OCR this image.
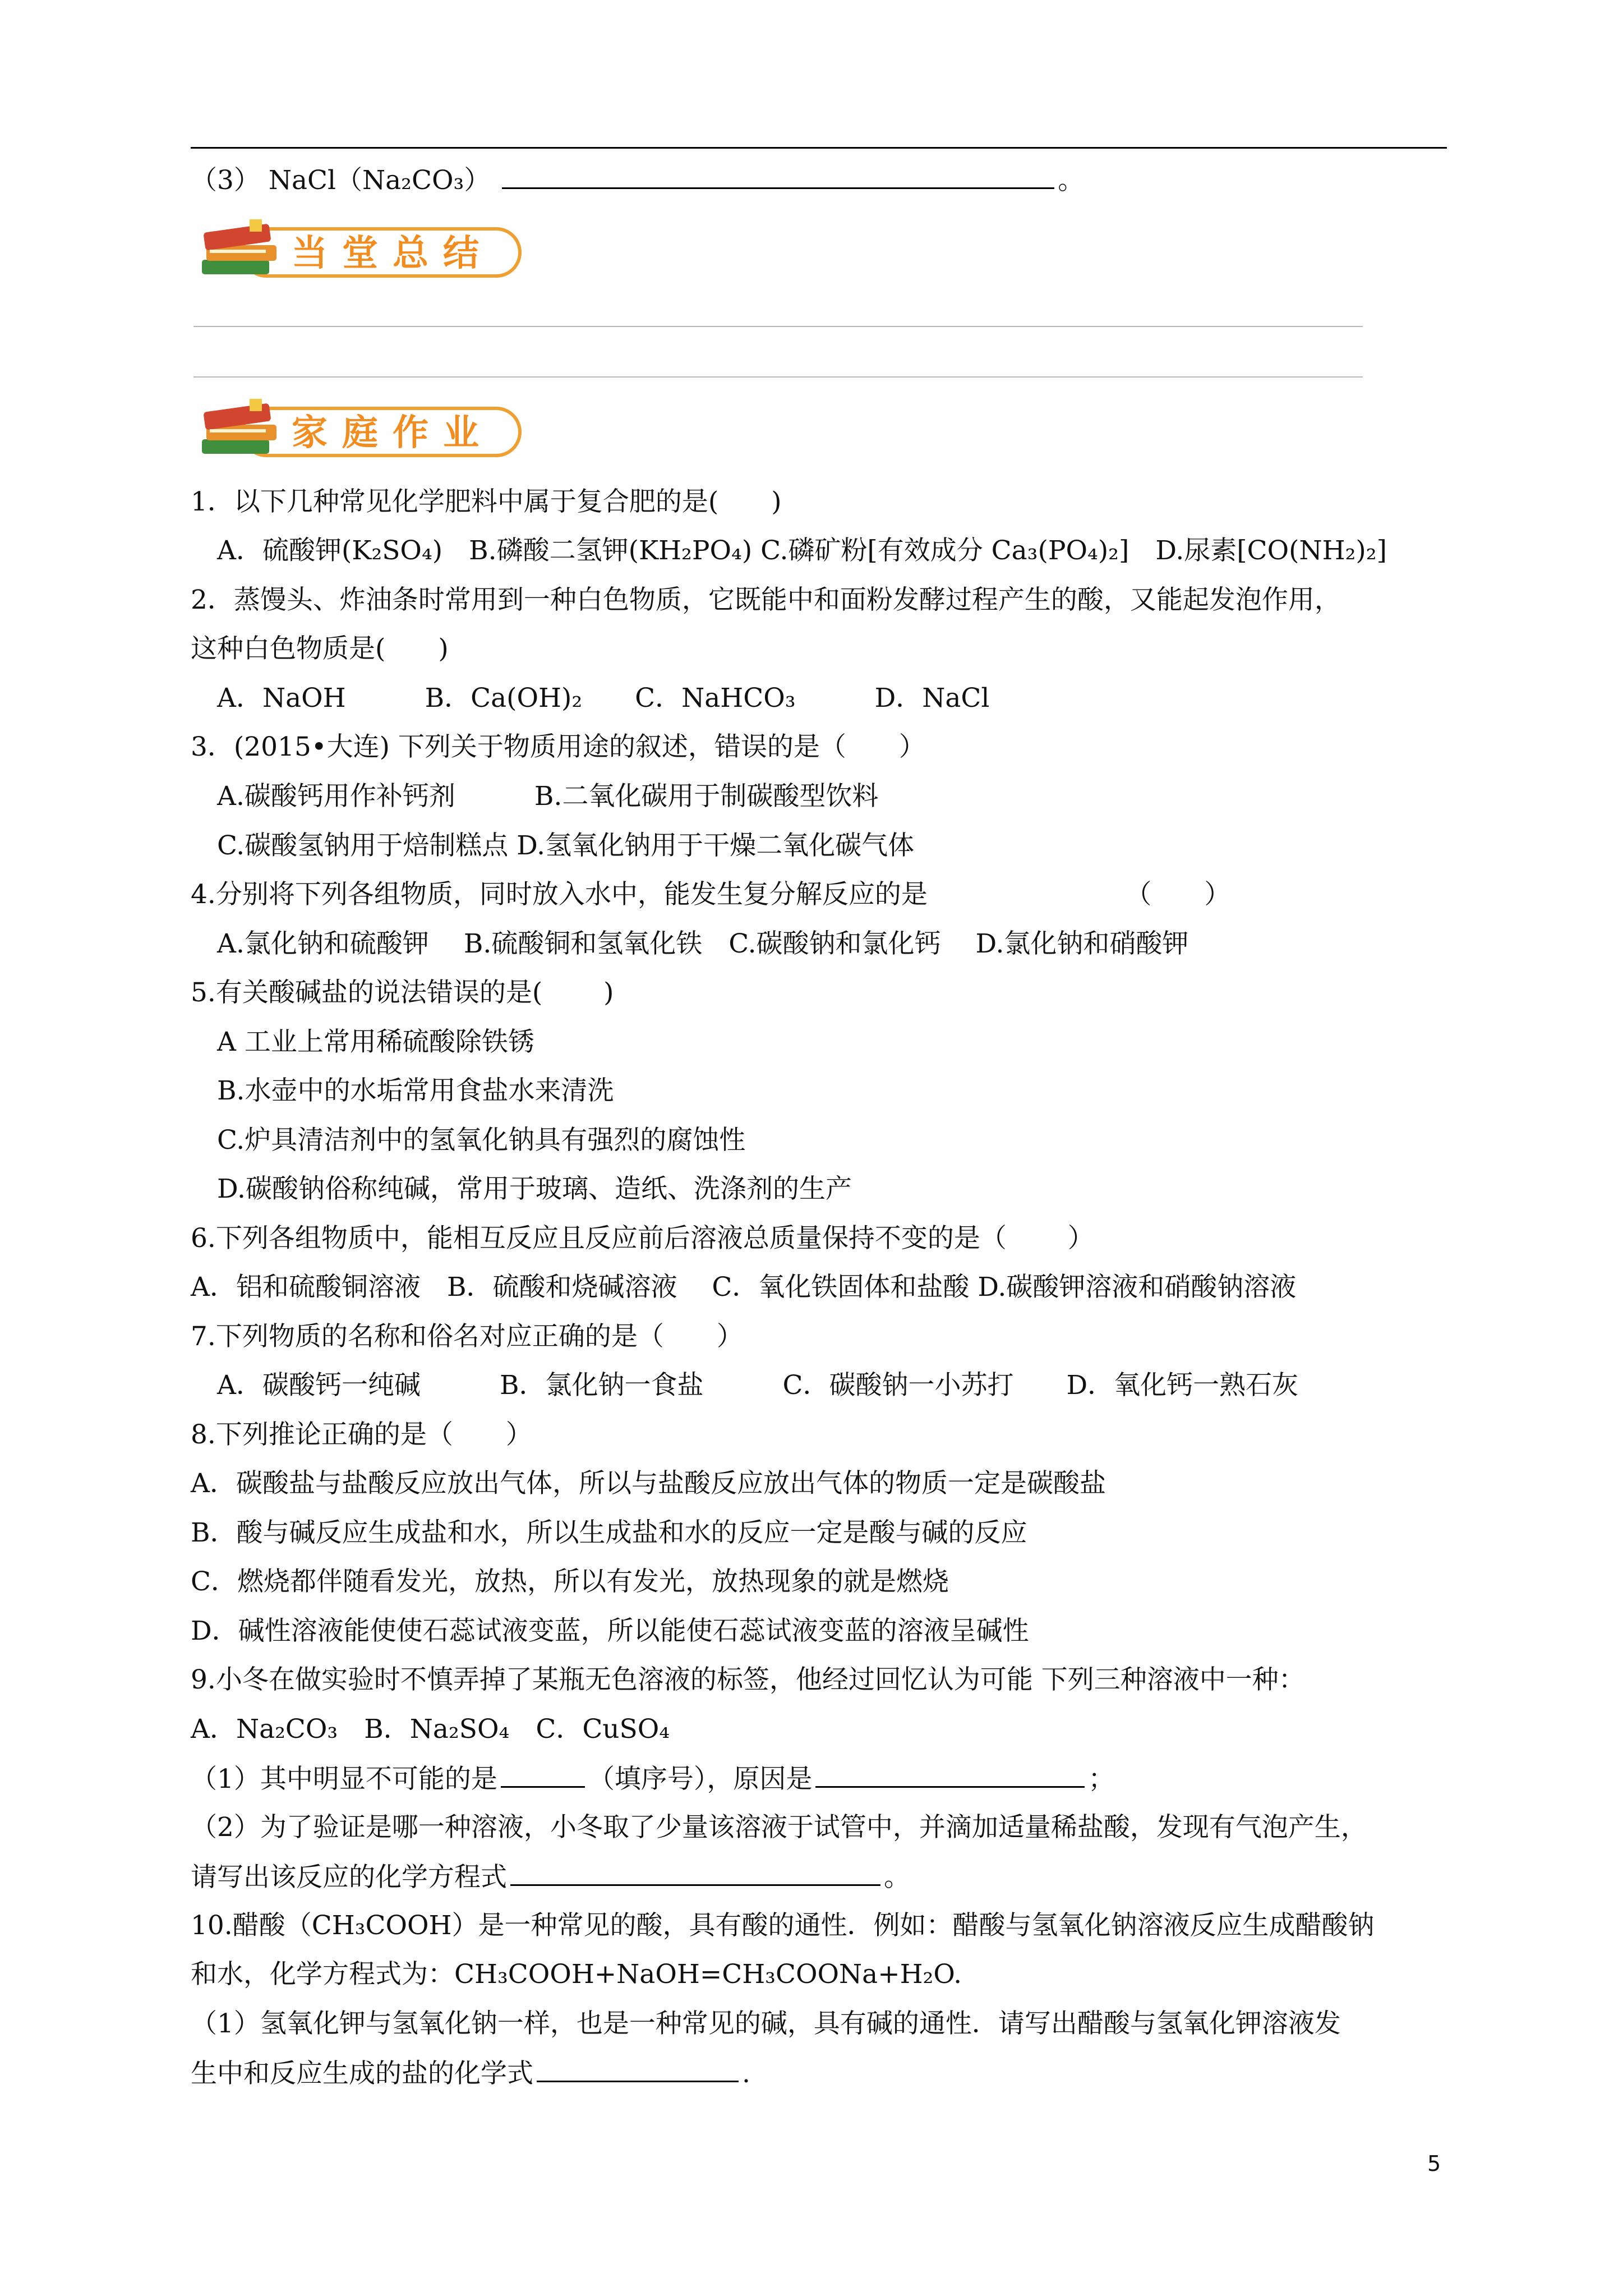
（3） NaCl（Na₂CO₃）	。
当堂总结
家庭作业
1．以下几种常见化学肥料中属于复合肥的是(　　)
　A．硫酸钾(K₂SO₄)　B.磷酸二氢钾(KH₂PO₄) C.磷矿粉[有效成分 Ca₃(PO₄)₂]　D.尿素[CO(NH₂)₂]
2．蒸馒头、炸油条时常用到一种白色物质，它既能中和面粉发酵过程产生的酸，又能起发泡作用，
这种白色物质是(　　)
　A．NaOH　　　B．Ca(OH)₂　　C．NaHCO₃　　　D．NaCl
3．(2015•大连) 下列关于物质用途的叙述，错误的是（　　）
　A.碳酸钙用作补钙剂　　　B.二氧化碳用于制碳酸型饮料
　C.碳酸氢钠用于焙制糕点 D.氢氧化钠用于干燥二氧化碳气体
4.分别将下列各组物质，同时放入水中，能发生复分解反应的是　　　　　　　　（　　）
　A.氯化钠和硫酸钾　 B.硫酸铜和氢氧化铁　C.碳酸钠和氯化钙　 D.氯化钠和硝酸钾
5.有关酸碱盐的说法错误的是(　　 )
　A 工业上常用稀硫酸除铁锈
　B.水壶中的水垢常用食盐水来清洗
　C.炉具清洁剂中的氢氧化钠具有强烈的腐蚀性
　D.碳酸钠俗称纯碱，常用于玻璃、造纸、洗涤剂的生产
6.下列各组物质中，能相互反应且反应前后溶液总质量保持不变的是（　　 ）
A．铝和硫酸铜溶液　B．硫酸和烧碱溶液　 C．氧化铁固体和盐酸 D.碳酸钾溶液和硝酸钠溶液
7.下列物质的名称和俗名对应正确的是（　　）
　A．碳酸钙一纯碱　　　B．氯化钠一食盐　　　C．碳酸钠一小苏打　　D．氧化钙一熟石灰
8.下列推论正确的是（　　）
A．碳酸盐与盐酸反应放出气体，所以与盐酸反应放出气体的物质一定是碳酸盐
B．酸与碱反应生成盐和水，所以生成盐和水的反应一定是酸与碱的反应
C．燃烧都伴随看发光，放热，所以有发光，放热现象的就是燃烧
D．碱性溶液能使使石蕊试液变蓝，所以能使石蕊试液变蓝的溶液呈碱性
9.小冬在做实验时不慎弄掉了某瓶无色溶液的标签，他经过回忆认为可能 下列三种溶液中一种：
A．Na₂CO₃　B．Na₂SO₄　C．CuSO₄
（1）其中明显不可能的是	（填序号），原因是	；
（2）为了验证是哪一种溶液，小冬取了少量该溶液于试管中，并滴加适量稀盐酸，发现有气泡产生，
请写出该反应的化学方程式	。
10.醋酸（CH₃COOH）是一种常见的酸，具有酸的通性．例如：醋酸与氢氧化钠溶液反应生成醋酸钠
和水，化学方程式为：CH₃COOH+NaOH=CH₃COONa+H₂O.
（1）氢氧化钾与氢氧化钠一样，也是一种常见的碱，具有碱的通性．请写出醋酸与氢氧化钾溶液发
生中和反应生成的盐的化学式	.
5
